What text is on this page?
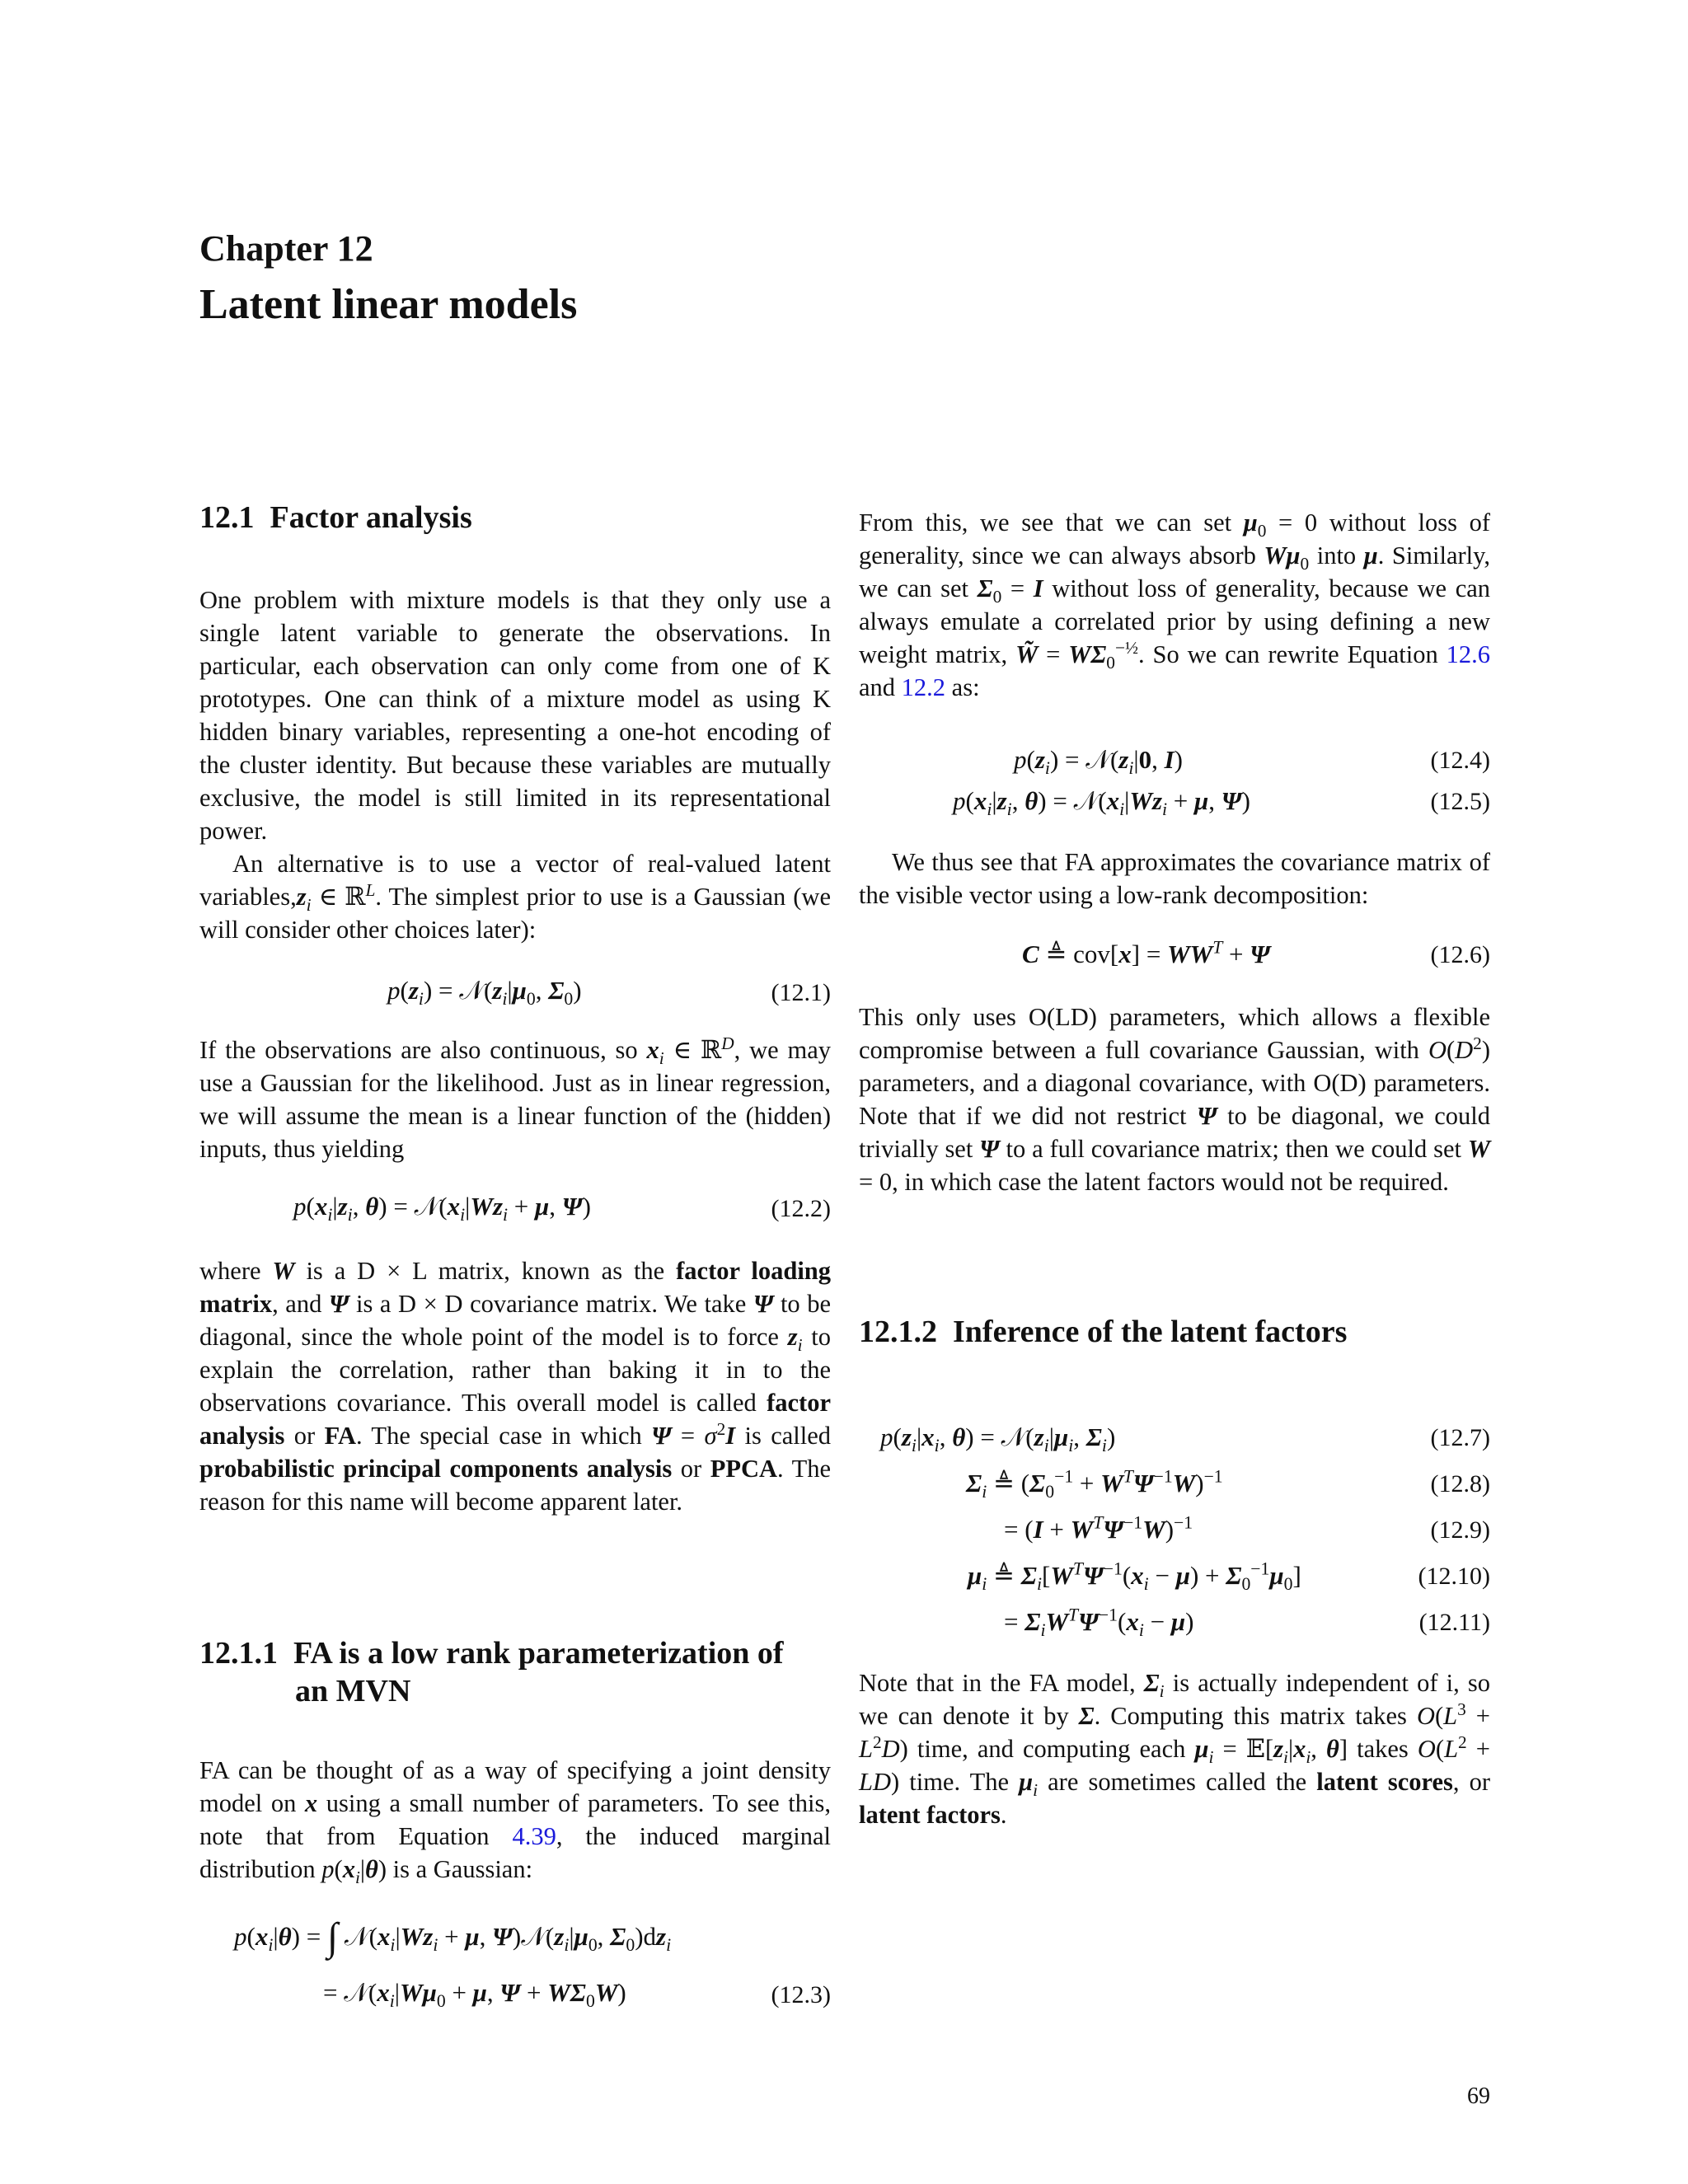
Chapter 12
Latent linear models
12.1 Factor analysis

One problem with mixture models is that they only use a single latent variable to generate the observations. In particular, each observation can only come from one of K prototypes. One can think of a mixture model as using K hidden binary variables, representing a one-hot encoding of the cluster identity. But because these variables are mutually exclusive, the model is still limited in its representational power.

An alternative is to use a vector of real-valued latent $variables,z_i$ ∈ ℝ$^L$. The simplest prior to use is a Gaussian (we will consider other choices later):

$p(z_i)$ = $𝒩(z_i|\mu_0$, $\Sigma_0$)	(12.1)

If the observations are also continuous, so $x_i$ ∈ ℝ$^D$, we may use a Gaussian for the likelihood. Just as in linear regression, we will assume the mean is a linear function of the (hidden) inputs, thus yielding

$p(x_i|z_i$, $\theta) = 𝒩(x_i|Wz_i + \mu$, Ψ)	(12.2)

where W is a D × L matrix, known as the factor loading matrix, and Ψ is a D × D covariance matrix. We take Ψ to be diagonal, since the whole point of the model is to force $z_i$ to explain the correlation, rather than baking it in to the observations covariance. This overall model is called factor analysis or FA. The special case in which $\Psi = \sigma^2I$ is called probabilistic principal components analysis or PPCA. The reason for this name will become apparent later.

12.1.1 FA is a low rank parameterization of
an MVN

FA can be thought of as a way of specifying a joint density model on x using a small number of parameters. To see this, note that from Equation 4.39, the induced marginal distribution $p(x_i|\theta)$ is a Gaussian:

$p(x_i|\theta)$ = ∫ $𝒩(x_i|Wz_i + \mu$, $\Psi)𝒩(z_i|\mu_0$, $\Sigma_0)dz_i$
= $𝒩(x_i|W\mu_0 + \mu$, $\Psi + W\Sigma_0W$)	(12.3)

From this, we see that we can set $\mu_0 = 0$ without loss of generality, since we can always absorb $W\mu_0$ into μ. Similarly, we can set $\Sigma_0 = I$ without loss of generality, because we can always emulate a correlated prior by using defining a new weight matrix, W̃ = $W\Sigma_0^{-\frac{1}{2}}$. So we can rewrite Equation 12.6 and 12.2 as:

$p(z_i)$ = $𝒩(z_i|0$, I)	(12.4)
$p(x_i|z_i$, $\theta) = 𝒩(x_i|Wz_i + \mu$, Ψ)	(12.5)

We thus see that FA approximates the covariance matrix of the visible vector using a low-rank decomposition:

C ≜ $cov[x] = WW^T + \Psi$	(12.6)

This only uses O(LD) parameters, which allows a flexible compromise between a full covariance Gaussian, with $O(D^2)$ parameters, and a diagonal covariance, with O(D) parameters. Note that if we did not restrict Ψ to be diagonal, we could trivially set Ψ to a full covariance matrix; then we could set W = 0, in which case the latent factors would not be required.

12.1.2 Inference of the latent factors
$p(z_i|x_i$, $\theta) = 𝒩(z_i|\mu_i$, $\Sigma_i$)	(12.7)
$\Sigma_i$ ≜ $(\Sigma_0^{-1} + W^T\Psi^{-1}W)^{-1}$	(12.8)
= $(I + W^T\Psi^{-1}W)^{-1}$	(12.9)
$\mu_i$ ≜ $\Sigma_i[W^T\Psi^{-1}(x_i - \mu) + \Sigma_0^{-1}\mu_0]$	(12.10)
= $\Sigma_iW^T\Psi^{-1}(x_i - \mu)$	(12.11)

Note that in the FA model, $\Sigma_i$ is actually independent of i, so we can denote it by Σ. Computing this matrix takes $O(L^3 + L^2D)$ time, and computing each $\mu_i$ = $𝔼[z_i|x_i$, θ] takes $O(L^2 + LD)$ time. The $\mu_i$ are sometimes called the latent scores, or latent factors.

69
